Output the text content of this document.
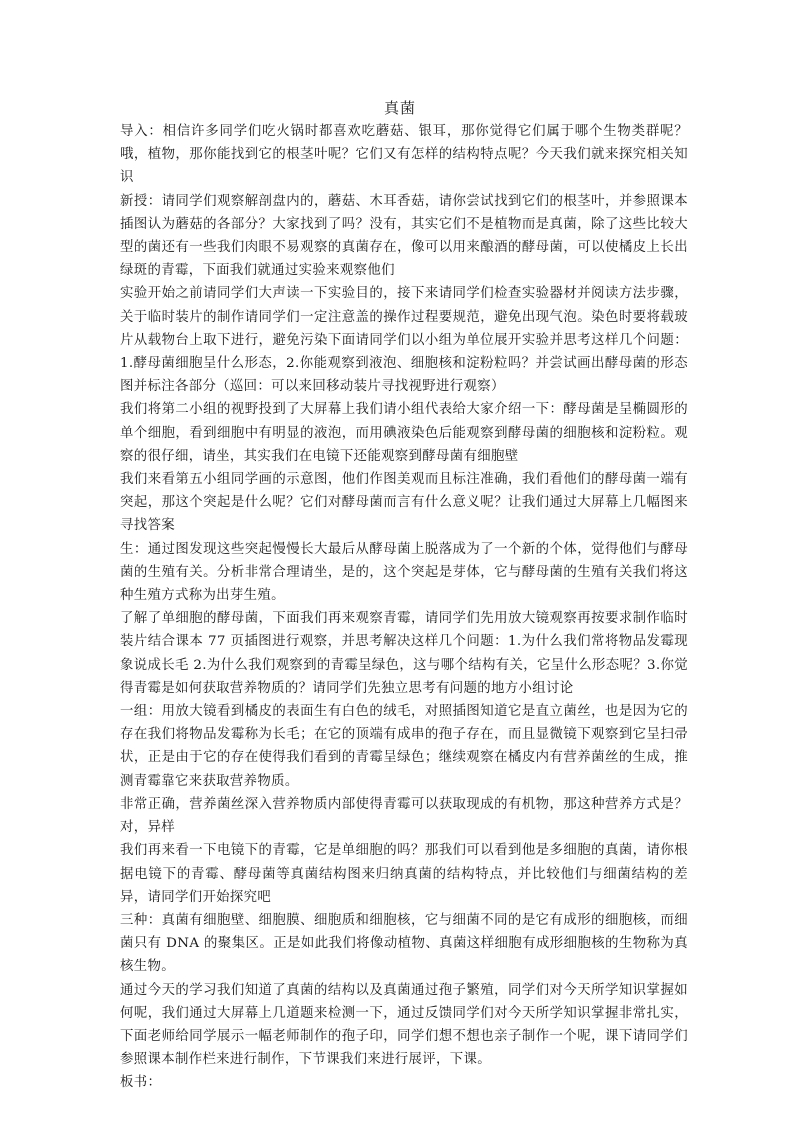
真菌

导入：相信许多同学们吃火锅时都喜欢吃蘑菇、银耳，那你觉得它们属于哪个生物类群呢？哦，植物，那你能找到它的根茎叶呢？它们又有怎样的结构特点呢？今天我们就来探究相关知识

新授：请同学们观察解剖盘内的，蘑菇、木耳香菇，请你尝试找到它们的根茎叶，并参照课本插图认为蘑菇的各部分？大家找到了吗？没有，其实它们不是植物而是真菌，除了这些比较大型的菌还有一些我们肉眼不易观察的真菌存在，像可以用来酿酒的酵母菌，可以使橘皮上长出绿斑的青霉，下面我们就通过实验来观察他们

实验开始之前请同学们大声读一下实验目的，接下来请同学们检查实验器材并阅读方法步骤，关于临时装片的制作请同学们一定注意盖的操作过程要规范，避免出现气泡。染色时要将载玻片从载物台上取下进行，避免污染下面请同学们以小组为单位展开实验并思考这样几个问题：1.酵母菌细胞呈什么形态，2.你能观察到液泡、细胞核和淀粉粒吗？并尝试画出酵母菌的形态图并标注各部分（巡回：可以来回移动装片寻找视野进行观察）

我们将第二小组的视野投到了大屏幕上我们请小组代表给大家介绍一下：酵母菌是呈椭圆形的单个细胞，看到细胞中有明显的液泡，而用碘液染色后能观察到酵母菌的细胞核和淀粉粒。观察的很仔细，请坐，其实我们在电镜下还能观察到酵母菌有细胞壁

我们来看第五小组同学画的示意图，他们作图美观而且标注准确，我们看他们的酵母菌一端有突起，那这个突起是什么呢？它们对酵母菌而言有什么意义呢？让我们通过大屏幕上几幅图来寻找答案

生：通过图发现这些突起慢慢长大最后从酵母菌上脱落成为了一个新的个体，觉得他们与酵母菌的生殖有关。分析非常合理请坐，是的，这个突起是芽体，它与酵母菌的生殖有关我们将这种生殖方式称为出芽生殖。

了解了单细胞的酵母菌，下面我们再来观察青霉，请同学们先用放大镜观察再按要求制作临时装片结合课本 77 页插图进行观察，并思考解决这样几个问题：1.为什么我们常将物品发霉现象说成长毛 2.为什么我们观察到的青霉呈绿色，这与哪个结构有关，它呈什么形态呢？3.你觉得青霉是如何获取营养物质的？请同学们先独立思考有问题的地方小组讨论

一组：用放大镜看到橘皮的表面生有白色的绒毛，对照插图知道它是直立菌丝，也是因为它的存在我们将物品发霉称为长毛；在它的顶端有成串的孢子存在，而且显微镜下观察到它呈扫帚状，正是由于它的存在使得我们看到的青霉呈绿色；继续观察在橘皮内有营养菌丝的生成，推测青霉靠它来获取营养物质。

非常正确，营养菌丝深入营养物质内部使得青霉可以获取现成的有机物，那这种营养方式是？对，异样

我们再来看一下电镜下的青霉，它是单细胞的吗？那我们可以看到他是多细胞的真菌，请你根据电镜下的青霉、酵母菌等真菌结构图来归纳真菌的结构特点，并比较他们与细菌结构的差异，请同学们开始探究吧

三种：真菌有细胞壁、细胞膜、细胞质和细胞核，它与细菌不同的是它有成形的细胞核，而细菌只有 DNA 的聚集区。正是如此我们将像动植物、真菌这样细胞有成形细胞核的生物称为真核生物。

通过今天的学习我们知道了真菌的结构以及真菌通过孢子繁殖，同学们对今天所学知识掌握如何呢，我们通过大屏幕上几道题来检测一下，通过反馈同学们对今天所学知识掌握非常扎实，下面老师给同学展示一幅老师制作的孢子印，同学们想不想也亲子制作一个呢，课下请同学们参照课本制作栏来进行制作，下节课我们来进行展评，下课。

板书：
